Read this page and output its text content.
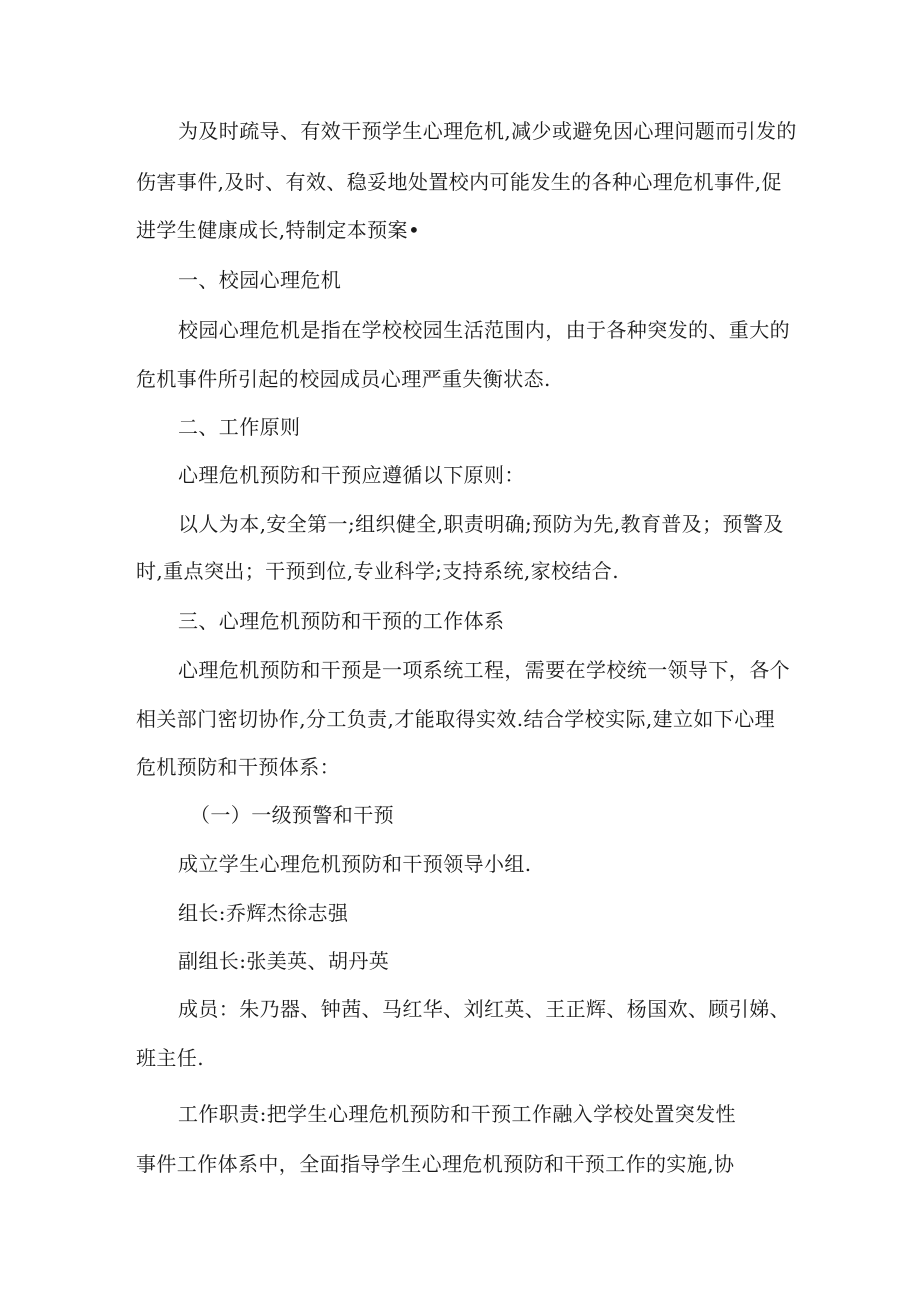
为及时疏导、有效干预学生心理危机,减少或避免因心理问题而引发的
伤害事件,及时、有效、稳妥地处置校内可能发生的各种心理危机事件,促
进学生健康成长,特制定本预案•
一、校园心理危机
校园心理危机是指在学校校园生活范围内，由于各种突发的、重大的
危机事件所引起的校园成员心理严重失衡状态.
二、工作原则
心理危机预防和干预应遵循以下原则：
以人为本,安全第一;组织健全,职责明确;预防为先,教育普及；预警及
时,重点突出；干预到位,专业科学;支持系统,家校结合.
三、心理危机预防和干预的工作体系
心理危机预防和干预是一项系统工程，需要在学校统一领导下，各个
相关部门密切协作,分工负责,才能取得实效.结合学校实际,建立如下心理
危机预防和干预体系：
（一）一级预警和干预
成立学生心理危机预防和干预领导小组.
组长:乔辉杰徐志强
副组长:张美英、胡丹英
成员：朱乃器、钟茜、马红华、刘红英、王正辉、杨国欢、顾引娣、
班主任.
工作职责:把学生心理危机预防和干预工作融入学校处置突发性
事件工作体系中，全面指导学生心理危机预防和干预工作的实施,协
